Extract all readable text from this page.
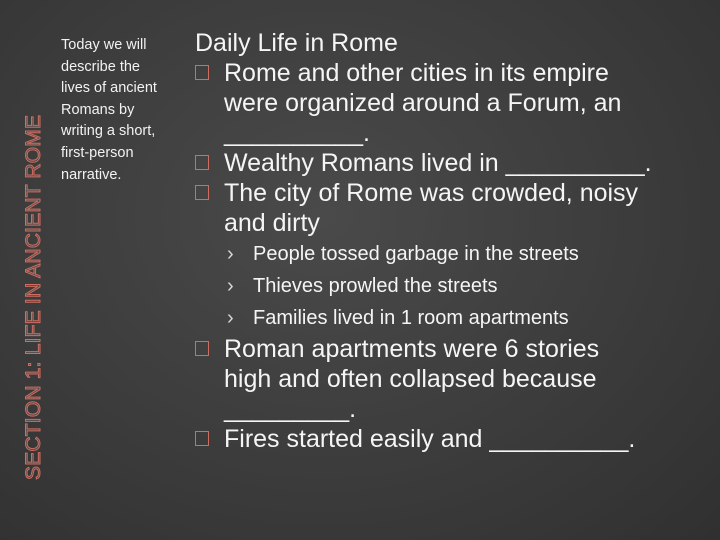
SECTION 1: LIFE IN ANCIENT ROME
Today we will
describe the
lives of ancient
Romans by
writing a short,
first-person
narrative.
Daily Life in Rome
Rome and other cities in its empire
were organized around a Forum, an
__________.
Wealthy Romans lived in __________.
The city of Rome was crowded, noisy
and dirty
› People tossed garbage in the streets
› Thieves prowled the streets
› Families lived in 1 room apartments
Roman apartments were 6 stories
high and often collapsed because
_________.
Fires started easily and __________.
